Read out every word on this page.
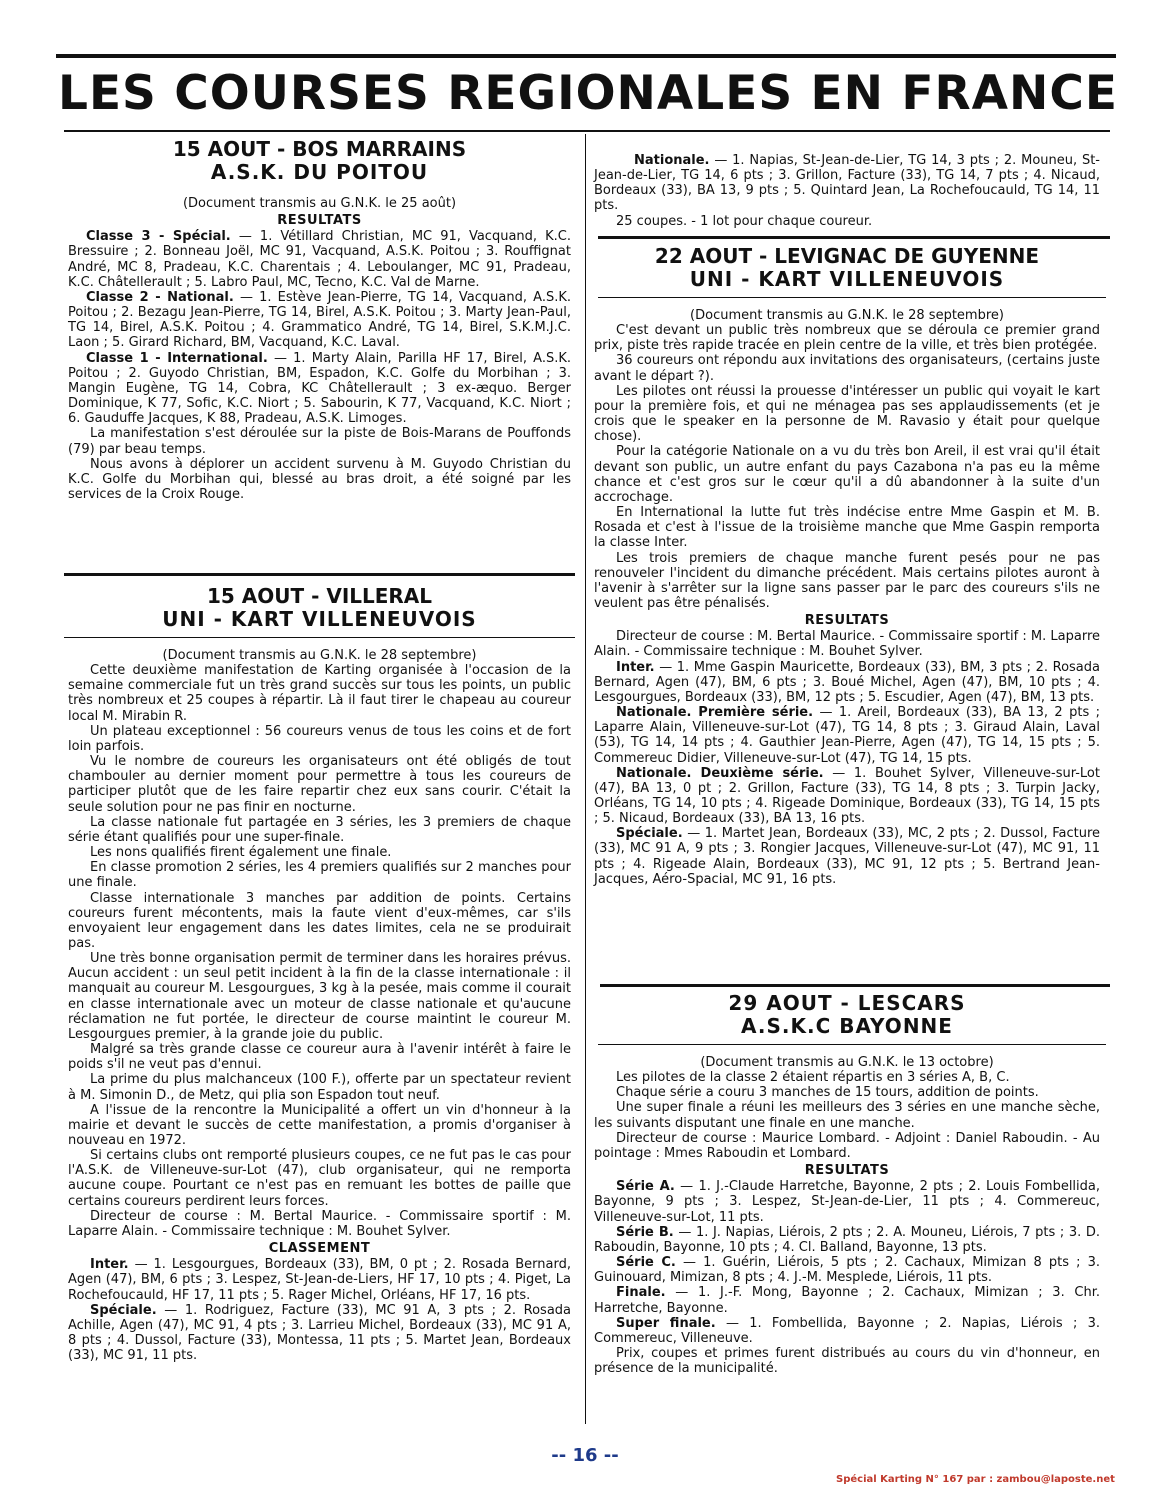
LES COURSES REGIONALES EN FRANCE
15 AOUT - BOS MARRAINS
A.S.K. DU POITOU
(Document transmis au G.N.K. le 25 août)
RESULTATS

Classe 3 - Spécial. — 1. Vétillard Christian, MC 91, Vacquand, K.C. Bressuire ; 2. Bonneau Joël, MC 91, Vacquand, A.S.K. Poitou ; 3. Rouffignat André, MC 8, Pradeau, K.C. Charentais ; 4. Leboulanger, MC 91, Pradeau, K.C. Châtellerault ; 5. Labro Paul, MC, Tecno, K.C. Val de Marne.

Classe 2 - National. — 1. Estève Jean-Pierre, TG 14, Vacquand, A.S.K. Poitou ; 2. Bezagu Jean-Pierre, TG 14, Birel, A.S.K. Poitou ; 3. Marty Jean-Paul, TG 14, Birel, A.S.K. Poitou ; 4. Grammatico André, TG 14, Birel, S.K.M.J.C. Laon ; 5. Girard Richard, BM, Vacquand, K.C. Laval.

Classe 1 - International. — 1. Marty Alain, Parilla HF 17, Birel, A.S.K. Poitou ; 2. Guyodo Christian, BM, Espadon, K.C. Golfe du Morbihan ; 3. Mangin Eugène, TG 14, Cobra, KC Châtellerault ; 3 ex-æquo. Berger Dominique, K 77, Sofic, K.C. Niort ; 5. Sabourin, K 77, Vacquand, K.C. Niort ; 6. Gauduffe Jacques, K 88, Pradeau, A.S.K. Limoges.

La manifestation s'est déroulée sur la piste de Bois-Marans de Pouffonds (79) par beau temps.

Nous avons à déplorer un accident survenu à M. Guyodo Christian du K.C. Golfe du Morbihan qui, blessé au bras droit, a été soigné par les services de la Croix Rouge.

15 AOUT - VILLERAL
UNI - KART VILLENEUVOIS
(Document transmis au G.N.K. le 28 septembre)

Cette deuxième manifestation de Karting organisée à l'occasion de la semaine commerciale fut un très grand succès sur tous les points, un public très nombreux et 25 coupes à répartir. Là il faut tirer le chapeau au coureur local M. Mirabin R.

Un plateau exceptionnel : 56 coureurs venus de tous les coins et de fort loin parfois.

Vu le nombre de coureurs les organisateurs ont été obligés de tout chambouler au dernier moment pour permettre à tous les coureurs de participer plutôt que de les faire repartir chez eux sans courir. C'était la seule solution pour ne pas finir en nocturne.

La classe nationale fut partagée en 3 séries, les 3 premiers de chaque série étant qualifiés pour une super-finale.

Les nons qualifiés firent également une finale.

En classe promotion 2 séries, les 4 premiers qualifiés sur 2 manches pour une finale.

Classe internationale 3 manches par addition de points. Certains coureurs furent mécontents, mais la faute vient d'eux-mêmes, car s'ils envoyaient leur engagement dans les dates limites, cela ne se produirait pas.

Une très bonne organisation permit de terminer dans les horaires prévus. Aucun accident : un seul petit incident à la fin de la classe internationale : il manquait au coureur M. Lesgourgues, 3 kg à la pesée, mais comme il courait en classe internationale avec un moteur de classe nationale et qu'aucune réclamation ne fut portée, le directeur de course maintint le coureur M. Lesgourgues premier, à la grande joie du public.

Malgré sa très grande classe ce coureur aura à l'avenir intérêt à faire le poids s'il ne veut pas d'ennui.

La prime du plus malchanceux (100 F.), offerte par un spectateur revient à M. Simonin D., de Metz, qui plia son Espadon tout neuf.

A l'issue de la rencontre la Municipalité a offert un vin d'honneur à la mairie et devant le succès de cette manifestation, a promis d'organiser à nouveau en 1972.

Si certains clubs ont remporté plusieurs coupes, ce ne fut pas le cas pour l'A.S.K. de Villeneuve-sur-Lot (47), club organisateur, qui ne remporta aucune coupe. Pourtant ce n'est pas en remuant les bottes de paille que certains coureurs perdirent leurs forces.

Directeur de course : M. Bertal Maurice. - Commissaire sportif : M. Laparre Alain. - Commissaire technique : M. Bouhet Sylver.

CLASSEMENT

Inter. — 1. Lesgourgues, Bordeaux (33), BM, 0 pt ; 2. Rosada Bernard, Agen (47), BM, 6 pts ; 3. Lespez, St-Jean-de-Liers, HF 17, 10 pts ; 4. Piget, La Rochefoucauld, HF 17, 11 pts ; 5. Rager Michel, Orléans, HF 17, 16 pts.

Spéciale. — 1. Rodriguez, Facture (33), MC 91 A, 3 pts ; 2. Rosada Achille, Agen (47), MC 91, 4 pts ; 3. Larrieu Michel, Bordeaux (33), MC 91 A, 8 pts ; 4. Dussol, Facture (33), Montessa, 11 pts ; 5. Martet Jean, Bordeaux (33), MC 91, 11 pts.

Nationale. — 1. Napias, St-Jean-de-Lier, TG 14, 3 pts ; 2. Mouneu, St-Jean-de-Lier, TG 14, 6 pts ; 3. Grillon, Facture (33), TG 14, 7 pts ; 4. Nicaud, Bordeaux (33), BA 13, 9 pts ; 5. Quintard Jean, La Rochefoucauld, TG 14, 11 pts.

25 coupes. - 1 lot pour chaque coureur.

22 AOUT - LEVIGNAC DE GUYENNE
UNI - KART VILLENEUVOIS
(Document transmis au G.N.K. le 28 septembre)

C'est devant un public très nombreux que se déroula ce premier grand prix, piste très rapide tracée en plein centre de la ville, et très bien protégée.

36 coureurs ont répondu aux invitations des organisateurs, (certains juste avant le départ ?).

Les pilotes ont réussi la prouesse d'intéresser un public qui voyait le kart pour la première fois, et qui ne ménagea pas ses applaudissements (et je crois que le speaker en la personne de M. Ravasio y était pour quelque chose).

Pour la catégorie Nationale on a vu du très bon Areil, il est vrai qu'il était devant son public, un autre enfant du pays Cazabona n'a pas eu la même chance et c'est gros sur le cœur qu'il a dû abandonner à la suite d'un accrochage.

En International la lutte fut très indécise entre Mme Gaspin et M. B. Rosada et c'est à l'issue de la troisième manche que Mme Gaspin remporta la classe Inter.

Les trois premiers de chaque manche furent pesés pour ne pas renouveler l'incident du dimanche précédent. Mais certains pilotes auront à l'avenir à s'arrêter sur la ligne sans passer par le parc des coureurs s'ils ne veulent pas être pénalisés.

RESULTATS

Directeur de course : M. Bertal Maurice. - Commissaire sportif : M. Laparre Alain. - Commissaire technique : M. Bouhet Sylver.

Inter. — 1. Mme Gaspin Mauricette, Bordeaux (33), BM, 3 pts ; 2. Rosada Bernard, Agen (47), BM, 6 pts ; 3. Boué Michel, Agen (47), BM, 10 pts ; 4. Lesgourgues, Bordeaux (33), BM, 12 pts ; 5. Escudier, Agen (47), BM, 13 pts.

Nationale. Première série. — 1. Areil, Bordeaux (33), BA 13, 2 pts ; Laparre Alain, Villeneuve-sur-Lot (47), TG 14, 8 pts ; 3. Giraud Alain, Laval (53), TG 14, 14 pts ; 4. Gauthier Jean-Pierre, Agen (47), TG 14, 15 pts ; 5. Commereuc Didier, Villeneuve-sur-Lot (47), TG 14, 15 pts.

Nationale. Deuxième série. — 1. Bouhet Sylver, Villeneuve-sur-Lot (47), BA 13, 0 pt ; 2. Grillon, Facture (33), TG 14, 8 pts ; 3. Turpin Jacky, Orléans, TG 14, 10 pts ; 4. Rigeade Dominique, Bordeaux (33), TG 14, 15 pts ; 5. Nicaud, Bordeaux (33), BA 13, 16 pts.

Spéciale. — 1. Martet Jean, Bordeaux (33), MC, 2 pts ; 2. Dussol, Facture (33), MC 91 A, 9 pts ; 3. Rongier Jacques, Villeneuve-sur-Lot (47), MC 91, 11 pts ; 4. Rigeade Alain, Bordeaux (33), MC 91, 12 pts ; 5. Bertrand Jean-Jacques, Aéro-Spacial, MC 91, 16 pts.

29 AOUT - LESCARS
A.S.K.C BAYONNE
(Document transmis au G.N.K. le 13 octobre)

Les pilotes de la classe 2 étaient répartis en 3 séries A, B, C.

Chaque série a couru 3 manches de 15 tours, addition de points.

Une super finale a réuni les meilleurs des 3 séries en une manche sèche, les suivants disputant une finale en une manche.

Directeur de course : Maurice Lombard. - Adjoint : Daniel Raboudin. - Au pointage : Mmes Raboudin et Lombard.

RESULTATS

Série A. — 1. J.-Claude Harretche, Bayonne, 2 pts ; 2. Louis Fombellida, Bayonne, 9 pts ; 3. Lespez, St-Jean-de-Lier, 11 pts ; 4. Commereuc, Villeneuve-sur-Lot, 11 pts.

Série B. — 1. J. Napias, Liérois, 2 pts ; 2. A. Mouneu, Liérois, 7 pts ; 3. D. Raboudin, Bayonne, 10 pts ; 4. Cl. Balland, Bayonne, 13 pts.

Série C. — 1. Guérin, Liérois, 5 pts ; 2. Cachaux, Mimizan 8 pts ; 3. Guinouard, Mimizan, 8 pts ; 4. J.-M. Mesplede, Liérois, 11 pts.

Finale. — 1. J.-F. Mong, Bayonne ; 2. Cachaux, Mimizan ; 3. Chr. Harretche, Bayonne.

Super finale. — 1. Fombellida, Bayonne ; 2. Napias, Liérois ; 3. Commereuc, Villeneuve.

Prix, coupes et primes furent distribués au cours du vin d'honneur, en présence de la municipalité.

-- 16 --
Spécial Karting N° 167 par : zambou@laposte.net
